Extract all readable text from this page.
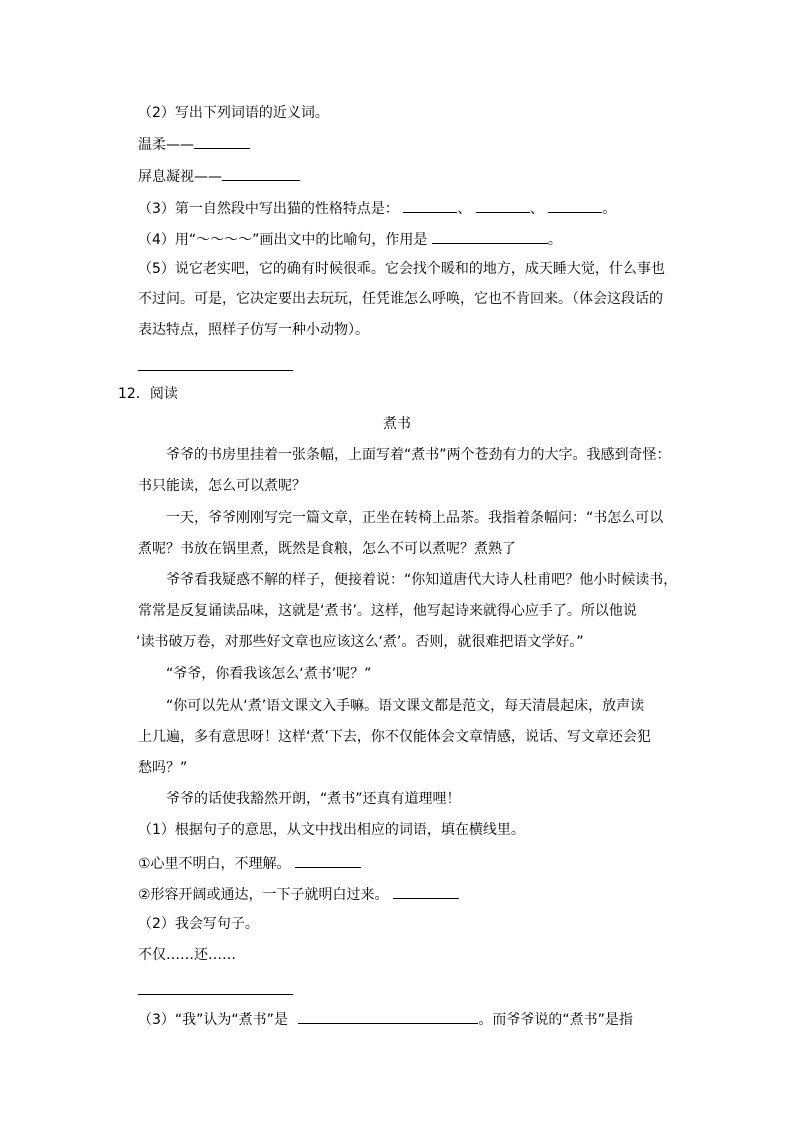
（2）写出下列词语的近义词。
温柔——
屏息凝视——
（3）第一自然段中写出猫的性格特点是：	、	、	。
（4）用“～～～～”画出文中的比喻句，作用是	。
（5）说它老实吧，它的确有时候很乖。它会找个暖和的地方，成天睡大觉，什么事也
不过问。可是，它决定要出去玩玩，任凭谁怎么呼唤，它也不肯回来。（体会这段话的
表达特点，照样子仿写一种小动物）。
12．阅读
煮书
爷爷的书房里挂着一张条幅，上面写着“煮书”两个苍劲有力的大字。我感到奇怪：
书只能读，怎么可以煮呢？
一天，爷爷刚刚写完一篇文章，正坐在转椅上品茶。我指着条幅问：“书怎么可以
煮呢？书放在锅里煮，既然是食粮，怎么不可以煮呢？煮熟了
爷爷看我疑惑不解的样子，便接着说：“你知道唐代大诗人杜甫吧？他小时候读书，
常常是反复诵读品味，这就是‘煮书’。这样，他写起诗来就得心应手了。所以他说
‘读书破万卷，对那些好文章也应该这么‘煮’。否则，就很难把语文学好。”
“爷爷，你看我该怎么‘煮书’呢？”
“你可以先从‘煮’语文课文入手嘛。语文课文都是范文，每天清晨起床，放声读
上几遍，多有意思呀！这样‘煮’下去，你不仅能体会文章情感，说话、写文章还会犯
愁吗？”
爷爷的话使我豁然开朗，“煮书”还真有道理哩！
（1）根据句子的意思，从文中找出相应的词语，填在横线里。
①心里不明白，不理解。
②形容开阔或通达，一下子就明白过来。
（2）我会写句子。
不仅……还……
（3）“我”认为“煮书”是	。而爷爷说的“煮书”是指
